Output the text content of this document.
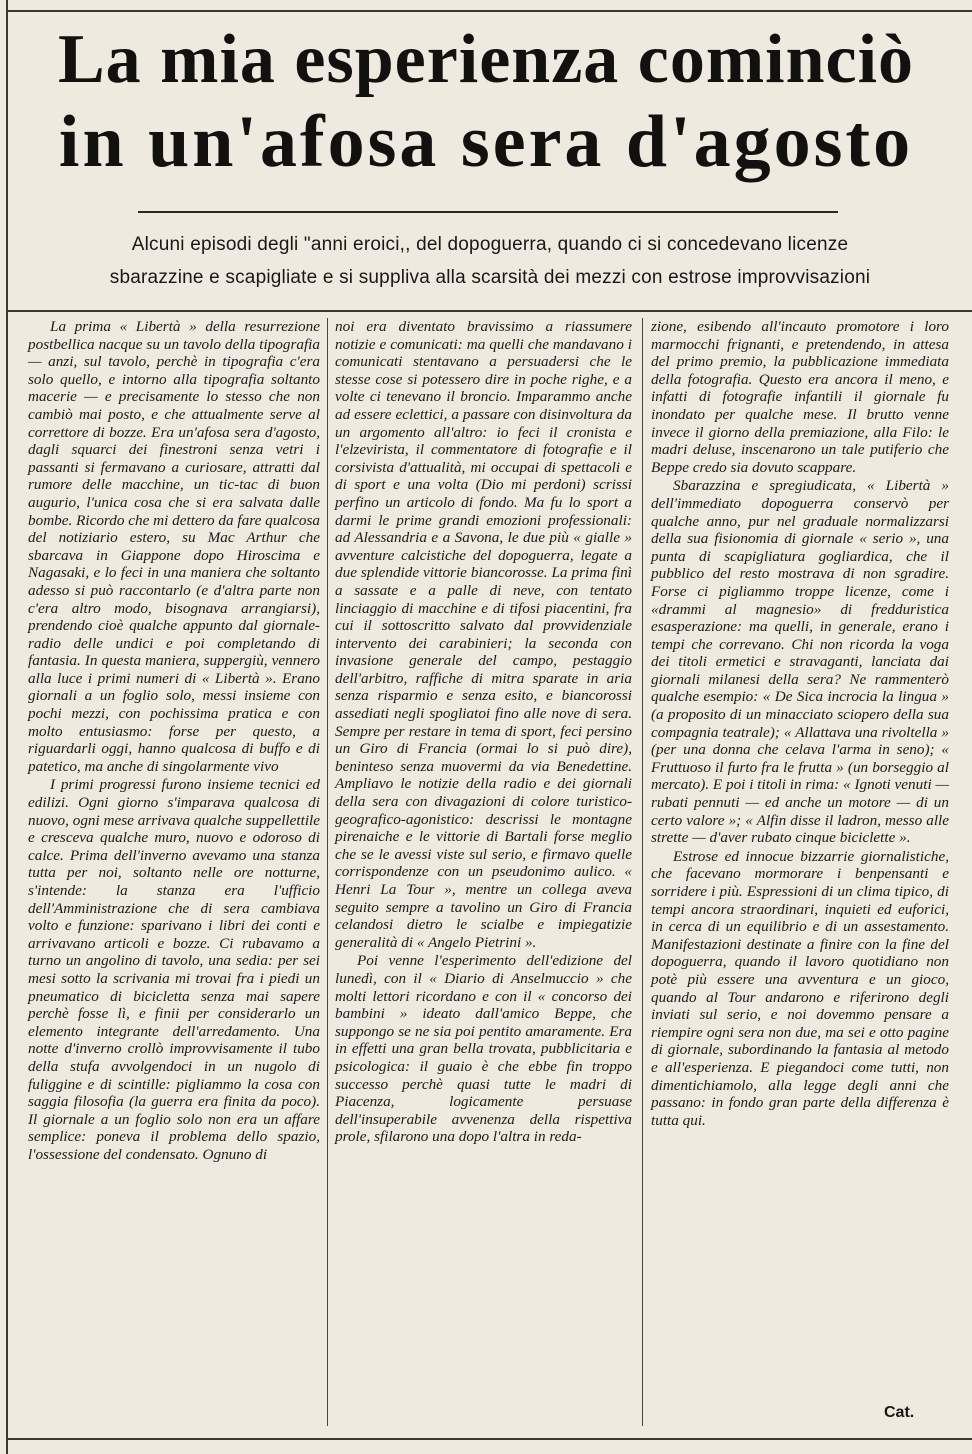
La mia esperienza cominciò
in un'afosa sera d'agosto
Alcuni episodi degli "anni eroici,, del dopoguerra, quando ci si concedevano licenze
sbarazzine e scapigliate e si suppliva alla scarsità dei mezzi con estrose improvvisazioni

La prima « Libertà » della resurrezione postbellica nacque su un tavolo della tipografia — anzi, sul tavolo, perchè in tipografia c'era solo quello, e intorno alla tipografia soltanto macerie — e precisamente lo stesso che non cambiò mai posto, e che attualmente serve al correttore di bozze. Era un'afosa sera d'agosto, dagli squarci dei finestroni senza vetri i passanti si fermavano a curiosare, attratti dal rumore delle macchine, un tic-tac di buon augurio, l'unica cosa che si era salvata dalle bombe. Ricordo che mi dettero da fare qualcosa del notiziario estero, su Mac Arthur che sbarcava in Giappone dopo Hiroscima e Nagasaki, e lo feci in una maniera che soltanto adesso si può raccontarlo (e d'altra parte non c'era altro modo, bisognava arrangiarsi), prendendo cioè qualche appunto dal giornale-radio delle undici e poi completando di fantasia. In questa maniera, suppergiù, vennero alla luce i primi numeri di « Libertà ». Erano giornali a un foglio solo, messi insieme con pochi mezzi, con pochissima pratica e con molto entusiasmo: forse per questo, a riguardarli oggi, hanno qualcosa di buffo e di patetico, ma anche di singolarmente vivo

I primi progressi furono insieme tecnici ed edilizi. Ogni giorno s'imparava qualcosa di nuovo, ogni mese arrivava qualche suppellettile e cresceva qualche muro, nuovo e odoroso di calce. Prima dell'inverno avevamo una stanza tutta per noi, soltanto nelle ore notturne, s'intende: la stanza era l'ufficio dell'Amministrazione che di sera cambiava volto e funzione: sparivano i libri dei conti e arrivavano articoli e bozze. Ci rubavamo a turno un angolino di tavolo, una sedia: per sei mesi sotto la scrivania mi trovai fra i piedi un pneumatico di bicicletta senza mai sapere perchè fosse lì, e finii per considerarlo un elemento integrante dell'arredamento. Una notte d'inverno crollò improvvisamente il tubo della stufa avvolgendoci in un nugolo di fuliggine e di scintille: pigliammo la cosa con saggia filosofia (la guerra era finita da poco). Il giornale a un foglio solo non era un affare semplice: poneva il problema dello spazio, l'ossessione del condensato. Ognuno di

noi era diventato bravissimo a riassumere notizie e comunicati: ma quelli che mandavano i comunicati stentavano a persuadersi che le stesse cose si potessero dire in poche righe, e a volte ci tenevano il broncio. Imparammo anche ad essere eclettici, a passare con disinvoltura da un argomento all'altro: io feci il cronista e l'elzevirista, il commentatore di fotografie e il corsivista d'attualità, mi occupai di spettacoli e di sport e una volta (Dio mi perdoni) scrissi perfino un articolo di fondo. Ma fu lo sport a darmi le prime grandi emozioni professionali: ad Alessandria e a Savona, le due più « gialle » avventure calcistiche del dopoguerra, legate a due splendide vittorie biancorosse. La prima finì a sassate e a palle di neve, con tentato linciaggio di macchine e di tifosi piacentini, fra cui il sottoscritto salvato dal provvidenziale intervento dei carabinieri; la seconda con invasione generale del campo, pestaggio dell'arbitro, raffiche di mitra sparate in aria senza risparmio e senza esito, e biancorossi assediati negli spogliatoi fino alle nove di sera. Sempre per restare in tema di sport, feci persino un Giro di Francia (ormai lo si può dire), beninteso senza muovermi da via Benedettine. Ampliavo le notizie della radio e dei giornali della sera con divagazioni di colore turistico-geografico-agonistico: descrissi le montagne pirenaiche e le vittorie di Bartali forse meglio che se le avessi viste sul serio, e firmavo quelle corrispondenze con un pseudonimo aulico. « Henri La Tour », mentre un collega aveva seguito sempre a tavolino un Giro di Francia celandosi dietro le scialbe e impiegatizie generalità di « Angelo Pietrini ».

Poi venne l'esperimento dell'edizione del lunedì, con il « Diario di Anselmuccio » che molti lettori ricordano e con il « concorso dei bambini » ideato dall'amico Beppe, che suppongo se ne sia poi pentito amaramente. Era in effetti una gran bella trovata, pubblicitaria e psicologica: il guaio è che ebbe fin troppo successo perchè quasi tutte le madri di Piacenza, logicamente persuase dell'insuperabile avvenenza della rispettiva prole, sfilarono una dopo l'altra in reda-

zione, esibendo all'incauto promotore i loro marmocchi frignanti, e pretendendo, in attesa del primo premio, la pubblicazione immediata della fotografia. Questo era ancora il meno, e infatti di fotografie infantili il giornale fu inondato per qualche mese. Il brutto venne invece il giorno della premiazione, alla Filo: le madri deluse, inscenarono un tale putiferio che Beppe credo sia dovuto scappare.

Sbarazzina e spregiudicata, « Libertà » dell'immediato dopoguerra conservò per qualche anno, pur nel graduale normalizzarsi della sua fisionomia di giornale « serio », una punta di scapigliatura gogliardica, che il pubblico del resto mostrava di non sgradire. Forse ci pigliammo troppe licenze, come i «drammi al magnesio» di fredduristica esasperazione: ma quelli, in generale, erano i tempi che correvano. Chi non ricorda la voga dei titoli ermetici e stravaganti, lanciata dai giornali milanesi della sera? Ne rammenterò qualche esempio: « De Sica incrocia la lingua » (a proposito di un minacciato sciopero della sua compagnia teatrale); « Allattava una rivoltella » (per una donna che celava l'arma in seno); « Fruttuoso il furto fra le frutta » (un borseggio al mercato). E poi i titoli in rima: « Ignoti venuti — rubati pennuti — ed anche un motore — di un certo valore »; « Alfin disse il ladron, messo alle strette — d'aver rubato cinque biciclette ».

Estrose ed innocue bizzarrie giornalistiche, che facevano mormorare i benpensanti e sorridere i più. Espressioni di un clima tipico, di tempi ancora straordinari, inquieti ed euforici, in cerca di un equilibrio e di un assestamento. Manifestazioni destinate a finire con la fine del dopoguerra, quando il lavoro quotidiano non potè più essere una avventura e un gioco, quando al Tour andarono e riferirono degli inviati sul serio, e noi dovemmo pensare a riempire ogni sera non due, ma sei e otto pagine di giornale, subordinando la fantasia al metodo e all'esperienza. E piegandoci come tutti, non dimentichiamolo, alla legge degli anni che passano: in fondo gran parte della differenza è tutta qui.

Cat.
